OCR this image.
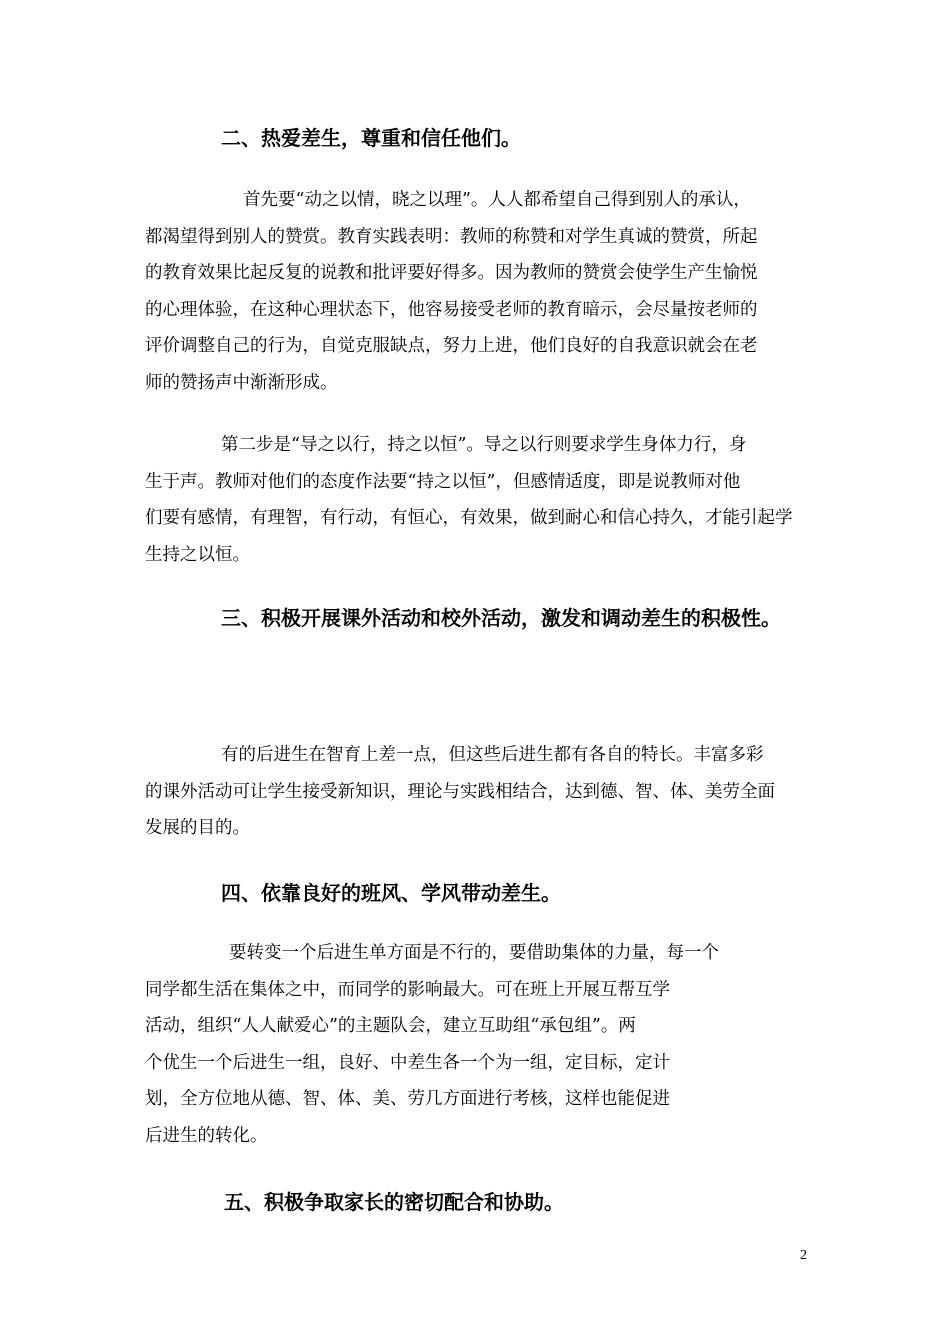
二、热爱差生，尊重和信任他们。
首先要“动之以情，晓之以理”。人人都希望自己得到别人的承认，
都渴望得到别人的赞赏。教育实践表明：教师的称赞和对学生真诚的赞赏，所起
的教育效果比起反复的说教和批评要好得多。因为教师的赞赏会使学生产生愉悦
的心理体验，在这种心理状态下，他容易接受老师的教育暗示，会尽量按老师的
评价调整自己的行为，自觉克服缺点，努力上进，他们良好的自我意识就会在老
师的赞扬声中渐渐形成。
第二步是“导之以行，持之以恒”。导之以行则要求学生身体力行，身
生于声。教师对他们的态度作法要“持之以恒”，但感情适度，即是说教师对他
们要有感情，有理智，有行动，有恒心，有效果，做到耐心和信心持久，才能引起学
生持之以恒。
三、积极开展课外活动和校外活动，激发和调动差生的积极性。
有的后进生在智育上差一点，但这些后进生都有各自的特长。丰富多彩
的课外活动可让学生接受新知识，理论与实践相结合，达到德、智、体、美劳全面
发展的目的。
四、依靠良好的班风、学风带动差生。
要转变一个后进生单方面是不行的，要借助集体的力量，每一个
同学都生活在集体之中，而同学的影响最大。可在班上开展互帮互学
活动，组织“人人献爱心”的主题队会，建立互助组“承包组”。两
个优生一个后进生一组，良好、中差生各一个为一组，定目标，定计
划，全方位地从德、智、体、美、劳几方面进行考核，这样也能促进
后进生的转化。
五、积极争取家长的密切配合和协助。

2
